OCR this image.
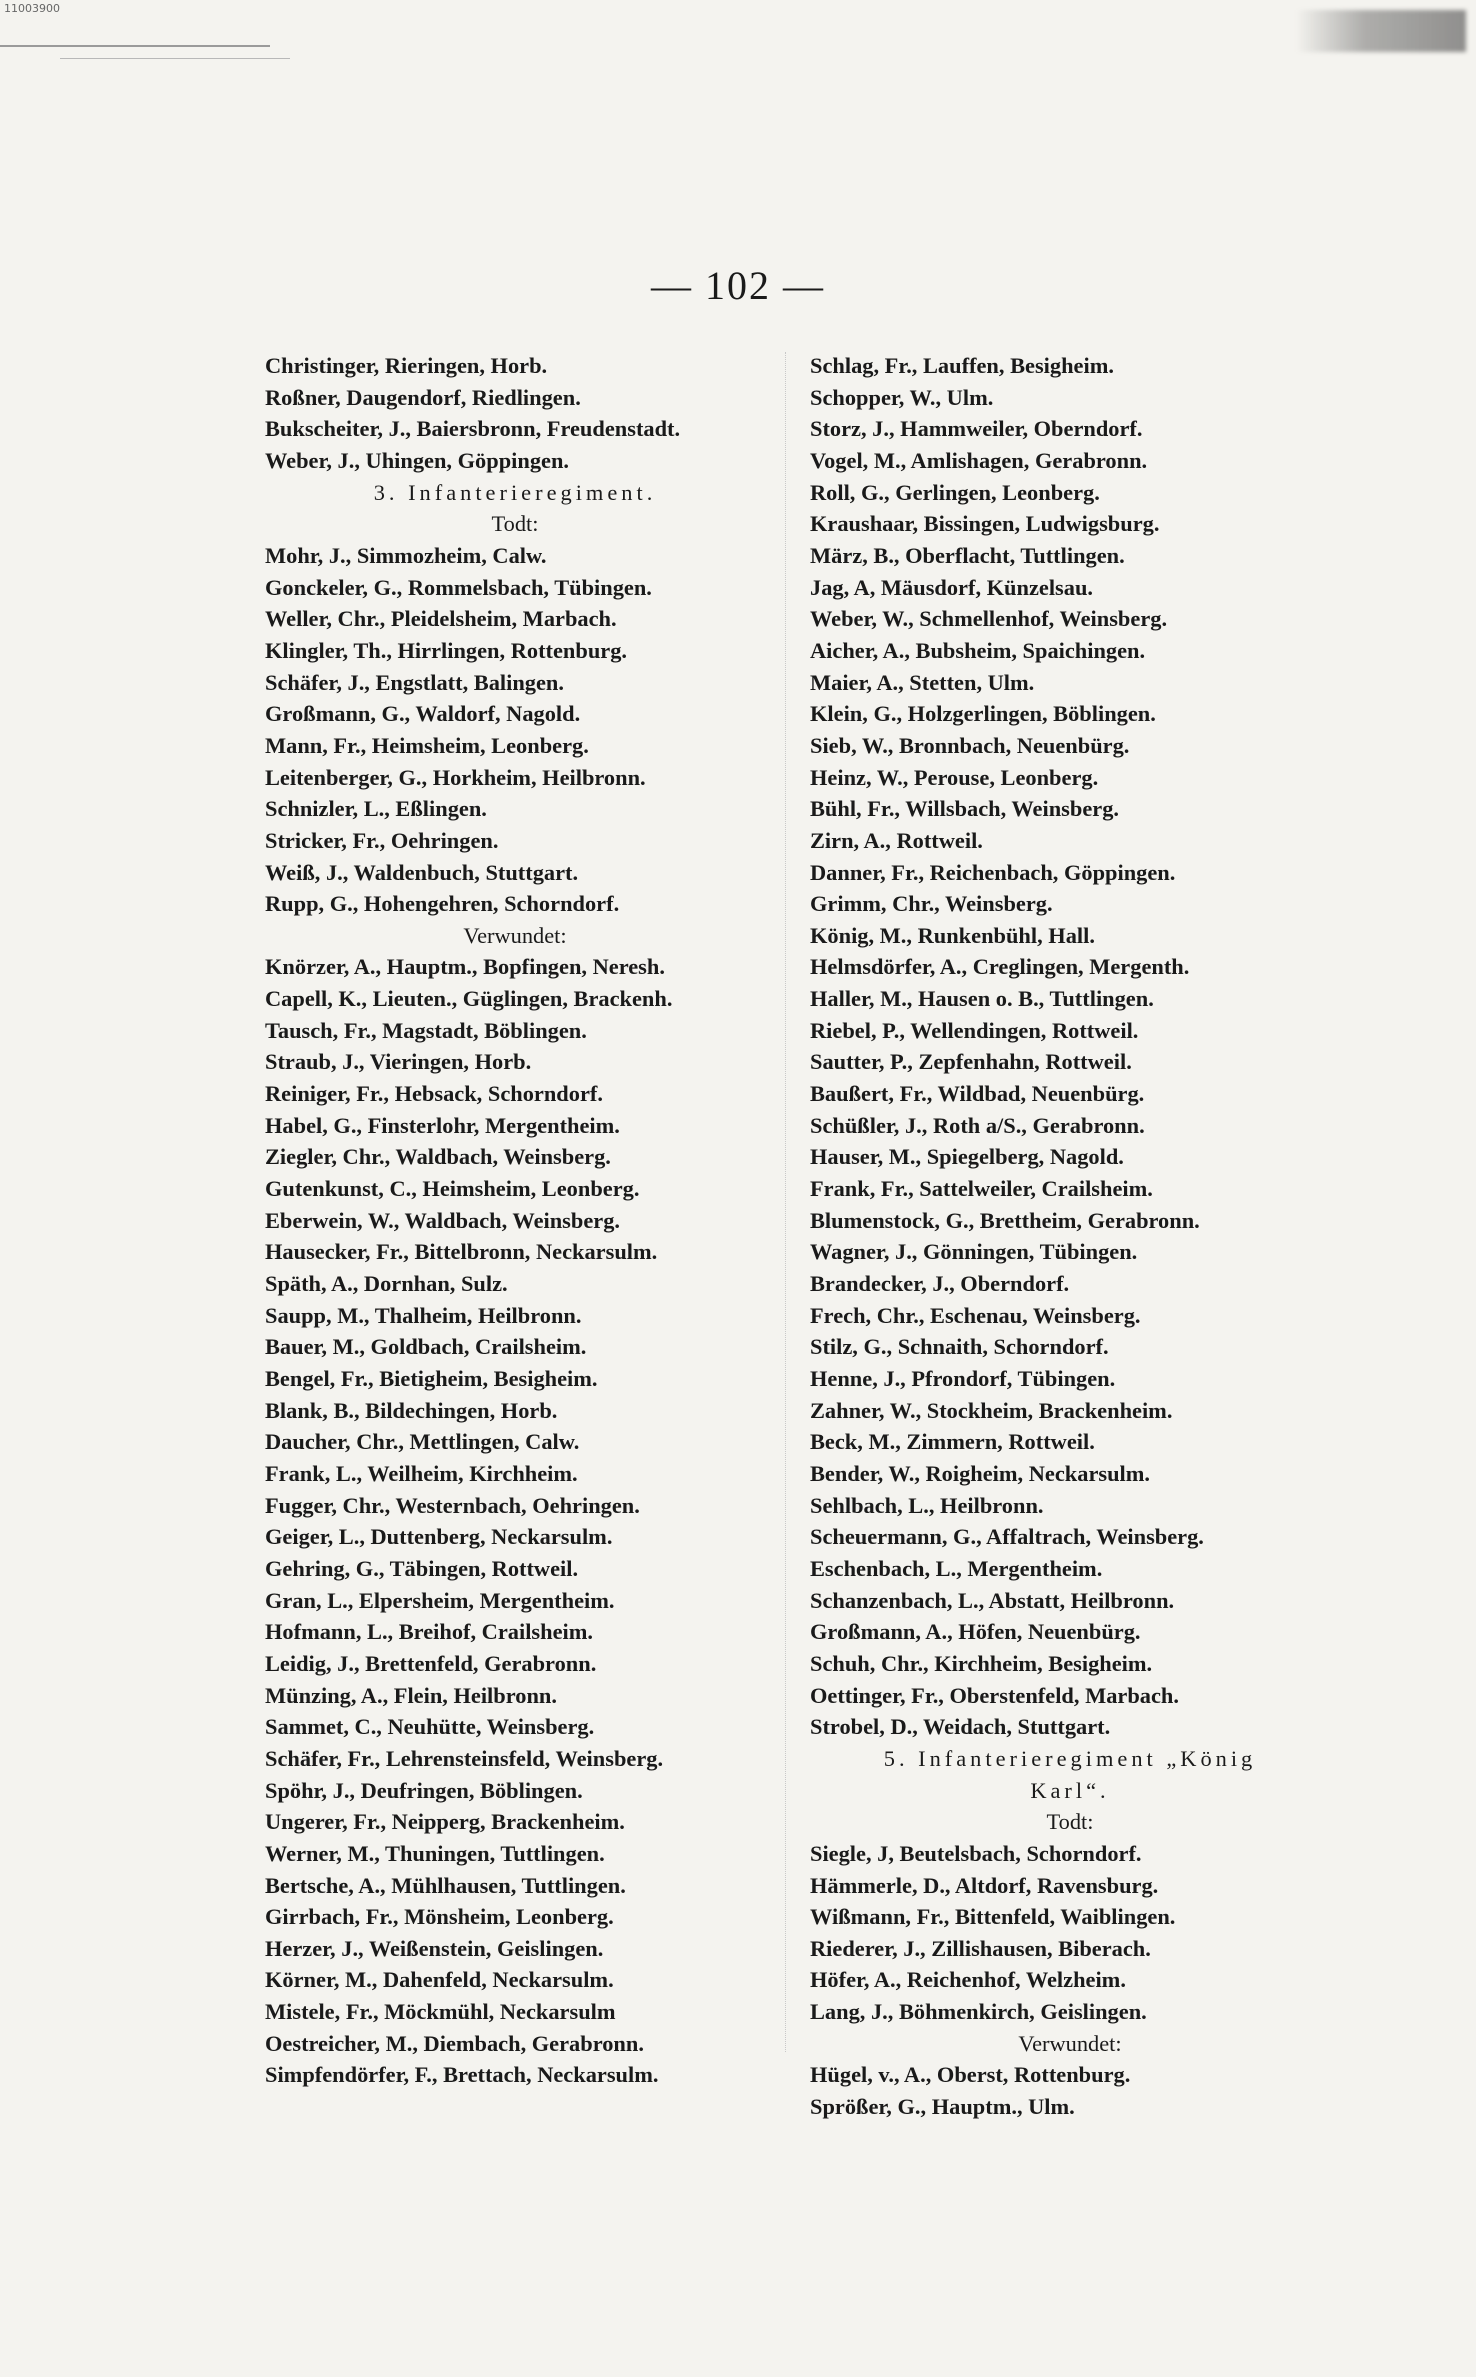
11003900
— 102 —
Christinger, Rieringen, Horb.
Roßner, Daugendorf, Riedlingen.
Bukscheiter, J., Baiersbronn, Freudenstadt.
Weber, J., Uhingen, Göppingen.
3. Infanterieregiment.
Todt:
Mohr, J., Simmozheim, Calw.
Gonckeler, G., Rommelsbach, Tübingen.
Weller, Chr., Pleidelsheim, Marbach.
Klingler, Th., Hirrlingen, Rottenburg.
Schäfer, J., Engstlatt, Balingen.
Großmann, G., Waldorf, Nagold.
Mann, Fr., Heimsheim, Leonberg.
Leitenberger, G., Horkheim, Heilbronn.
Schnizler, L., Eßlingen.
Stricker, Fr., Oehringen.
Weiß, J., Waldenbuch, Stuttgart.
Rupp, G., Hohengehren, Schorndorf.
Verwundet:
Knörzer, A., Hauptm., Bopfingen, Neresh.
Capell, K., Lieuten., Güglingen, Brackenh.
Tausch, Fr., Magstadt, Böblingen.
Straub, J., Vieringen, Horb.
Reiniger, Fr., Hebsack, Schorndorf.
Habel, G., Finsterlohr, Mergentheim.
Ziegler, Chr., Waldbach, Weinsberg.
Gutenkunst, C., Heimsheim, Leonberg.
Eberwein, W., Waldbach, Weinsberg.
Hausecker, Fr., Bittelbronn, Neckarsulm.
Späth, A., Dornhan, Sulz.
Saupp, M., Thalheim, Heilbronn.
Bauer, M., Goldbach, Crailsheim.
Bengel, Fr., Bietigheim, Besigheim.
Blank, B., Bildechingen, Horb.
Daucher, Chr., Mettlingen, Calw.
Frank, L., Weilheim, Kirchheim.
Fugger, Chr., Westernbach, Oehringen.
Geiger, L., Duttenberg, Neckarsulm.
Gehring, G., Täbingen, Rottweil.
Gran, L., Elpersheim, Mergentheim.
Hofmann, L., Breihof, Crailsheim.
Leidig, J., Brettenfeld, Gerabronn.
Münzing, A., Flein, Heilbronn.
Sammet, C., Neuhütte, Weinsberg.
Schäfer, Fr., Lehrensteinsfeld, Weinsberg.
Spöhr, J., Deufringen, Böblingen.
Ungerer, Fr., Neipperg, Brackenheim.
Werner, M., Thuningen, Tuttlingen.
Bertsche, A., Mühlhausen, Tuttlingen.
Girrbach, Fr., Mönsheim, Leonberg.
Herzer, J., Weißenstein, Geislingen.
Körner, M., Dahenfeld, Neckarsulm.
Mistele, Fr., Möckmühl, Neckarsulm
Oestreicher, M., Diembach, Gerabronn.
Simpfendörfer, F., Brettach, Neckarsulm.
Schlag, Fr., Lauffen, Besigheim.
Schopper, W., Ulm.
Storz, J., Hammweiler, Oberndorf.
Vogel, M., Amlishagen, Gerabronn.
Roll, G., Gerlingen, Leonberg.
Kraushaar, Bissingen, Ludwigsburg.
März, B., Oberflacht, Tuttlingen.
Jag, A, Mäusdorf, Künzelsau.
Weber, W., Schmellenhof, Weinsberg.
Aicher, A., Bubsheim, Spaichingen.
Maier, A., Stetten, Ulm.
Klein, G., Holzgerlingen, Böblingen.
Sieb, W., Bronnbach, Neuenbürg.
Heinz, W., Perouse, Leonberg.
Bühl, Fr., Willsbach, Weinsberg.
Zirn, A., Rottweil.
Danner, Fr., Reichenbach, Göppingen.
Grimm, Chr., Weinsberg.
König, M., Runkenbühl, Hall.
Helmsdörfer, A., Creglingen, Mergenth.
Haller, M., Hausen o. B., Tuttlingen.
Riebel, P., Wellendingen, Rottweil.
Sautter, P., Zepfenhahn, Rottweil.
Baußert, Fr., Wildbad, Neuenbürg.
Schüßler, J., Roth a/S., Gerabronn.
Hauser, M., Spiegelberg, Nagold.
Frank, Fr., Sattelweiler, Crailsheim.
Blumenstock, G., Brettheim, Gerabronn.
Wagner, J., Gönningen, Tübingen.
Brandecker, J., Oberndorf.
Frech, Chr., Eschenau, Weinsberg.
Stilz, G., Schnaith, Schorndorf.
Henne, J., Pfrondorf, Tübingen.
Zahner, W., Stockheim, Brackenheim.
Beck, M., Zimmern, Rottweil.
Bender, W., Roigheim, Neckarsulm.
Sehlbach, L., Heilbronn.
Scheuermann, G., Affaltrach, Weinsberg.
Eschenbach, L., Mergentheim.
Schanzenbach, L., Abstatt, Heilbronn.
Großmann, A., Höfen, Neuenbürg.
Schuh, Chr., Kirchheim, Besigheim.
Oettinger, Fr., Oberstenfeld, Marbach.
Strobel, D., Weidach, Stuttgart.
5. Infanterieregiment „König
Karl“.
Todt:
Siegle, J, Beutelsbach, Schorndorf.
Hämmerle, D., Altdorf, Ravensburg.
Wißmann, Fr., Bittenfeld, Waiblingen.
Riederer, J., Zillishausen, Biberach.
Höfer, A., Reichenhof, Welzheim.
Lang, J., Böhmenkirch, Geislingen.
Verwundet:
Hügel, v., A., Oberst, Rottenburg.
Sprößer, G., Hauptm., Ulm.
